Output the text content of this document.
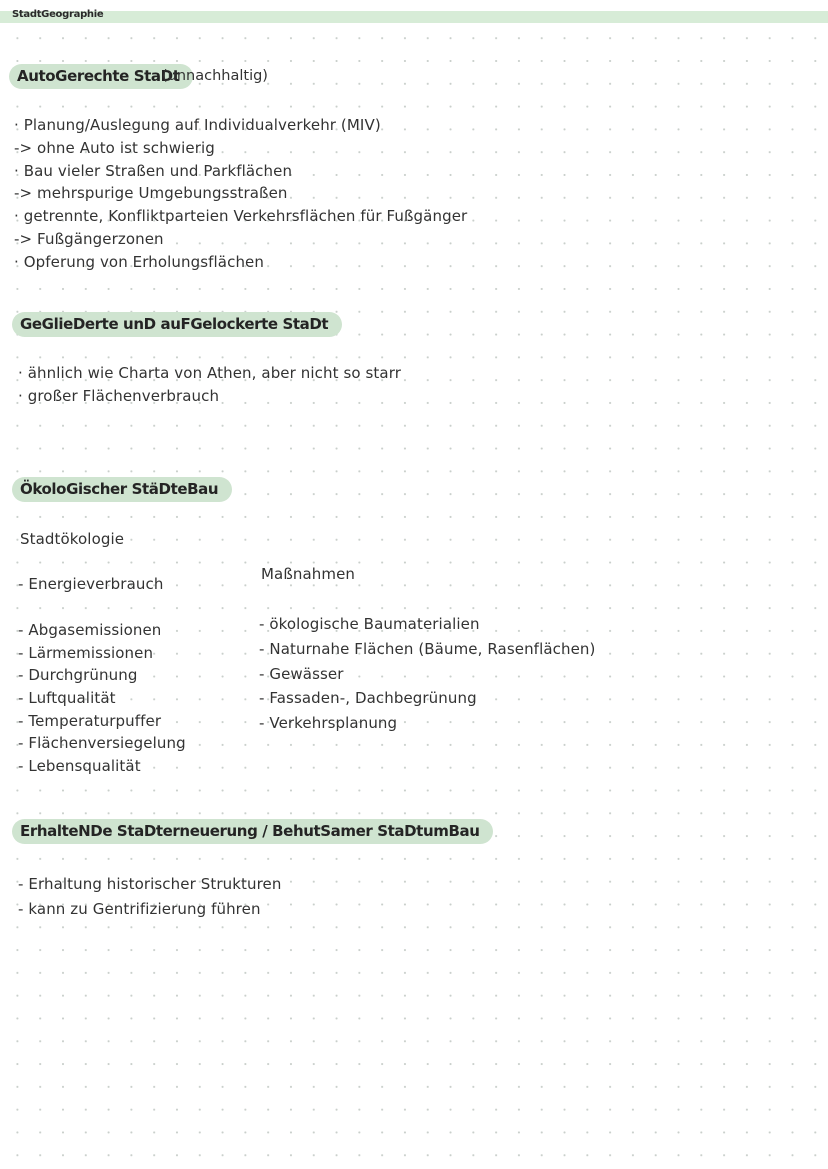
StadtGeographie
AutoGerechte StaDt
(unnachhaltig)
· Planung/Auslegung auf Individualverkehr (MIV)
-> ohne Auto ist schwierig
· Bau vieler Straßen und Parkflächen
-> mehrspurige Umgebungsstraßen
· getrennte, Konfliktparteien Verkehrsflächen für Fußgänger
-> Fußgängerzonen
· Opferung von Erholungsflächen
GeGlieDerte unD auFGelockerte StaDt
· ähnlich wie Charta von Athen, aber nicht so starr
· großer Flächenverbrauch
ÖkoloGischer StäDteBau
Stadtökologie
- Energieverbrauch
- Abgasemissionen
- Lärmemissionen
- Durchgrünung
- Luftqualität
- Temperaturpuffer
- Flächenversiegelung
- Lebensqualität
Maßnahmen
- ökologische Baumaterialien
- Naturnahe Flächen (Bäume, Rasenflächen)
- Gewässer
- Fassaden-, Dachbegrünung
- Verkehrsplanung
ErhalteNDe StaDterneuerung / BehutSamer StaDtumBau
- Erhaltung historischer Strukturen
- kann zu Gentrifizierung führen
